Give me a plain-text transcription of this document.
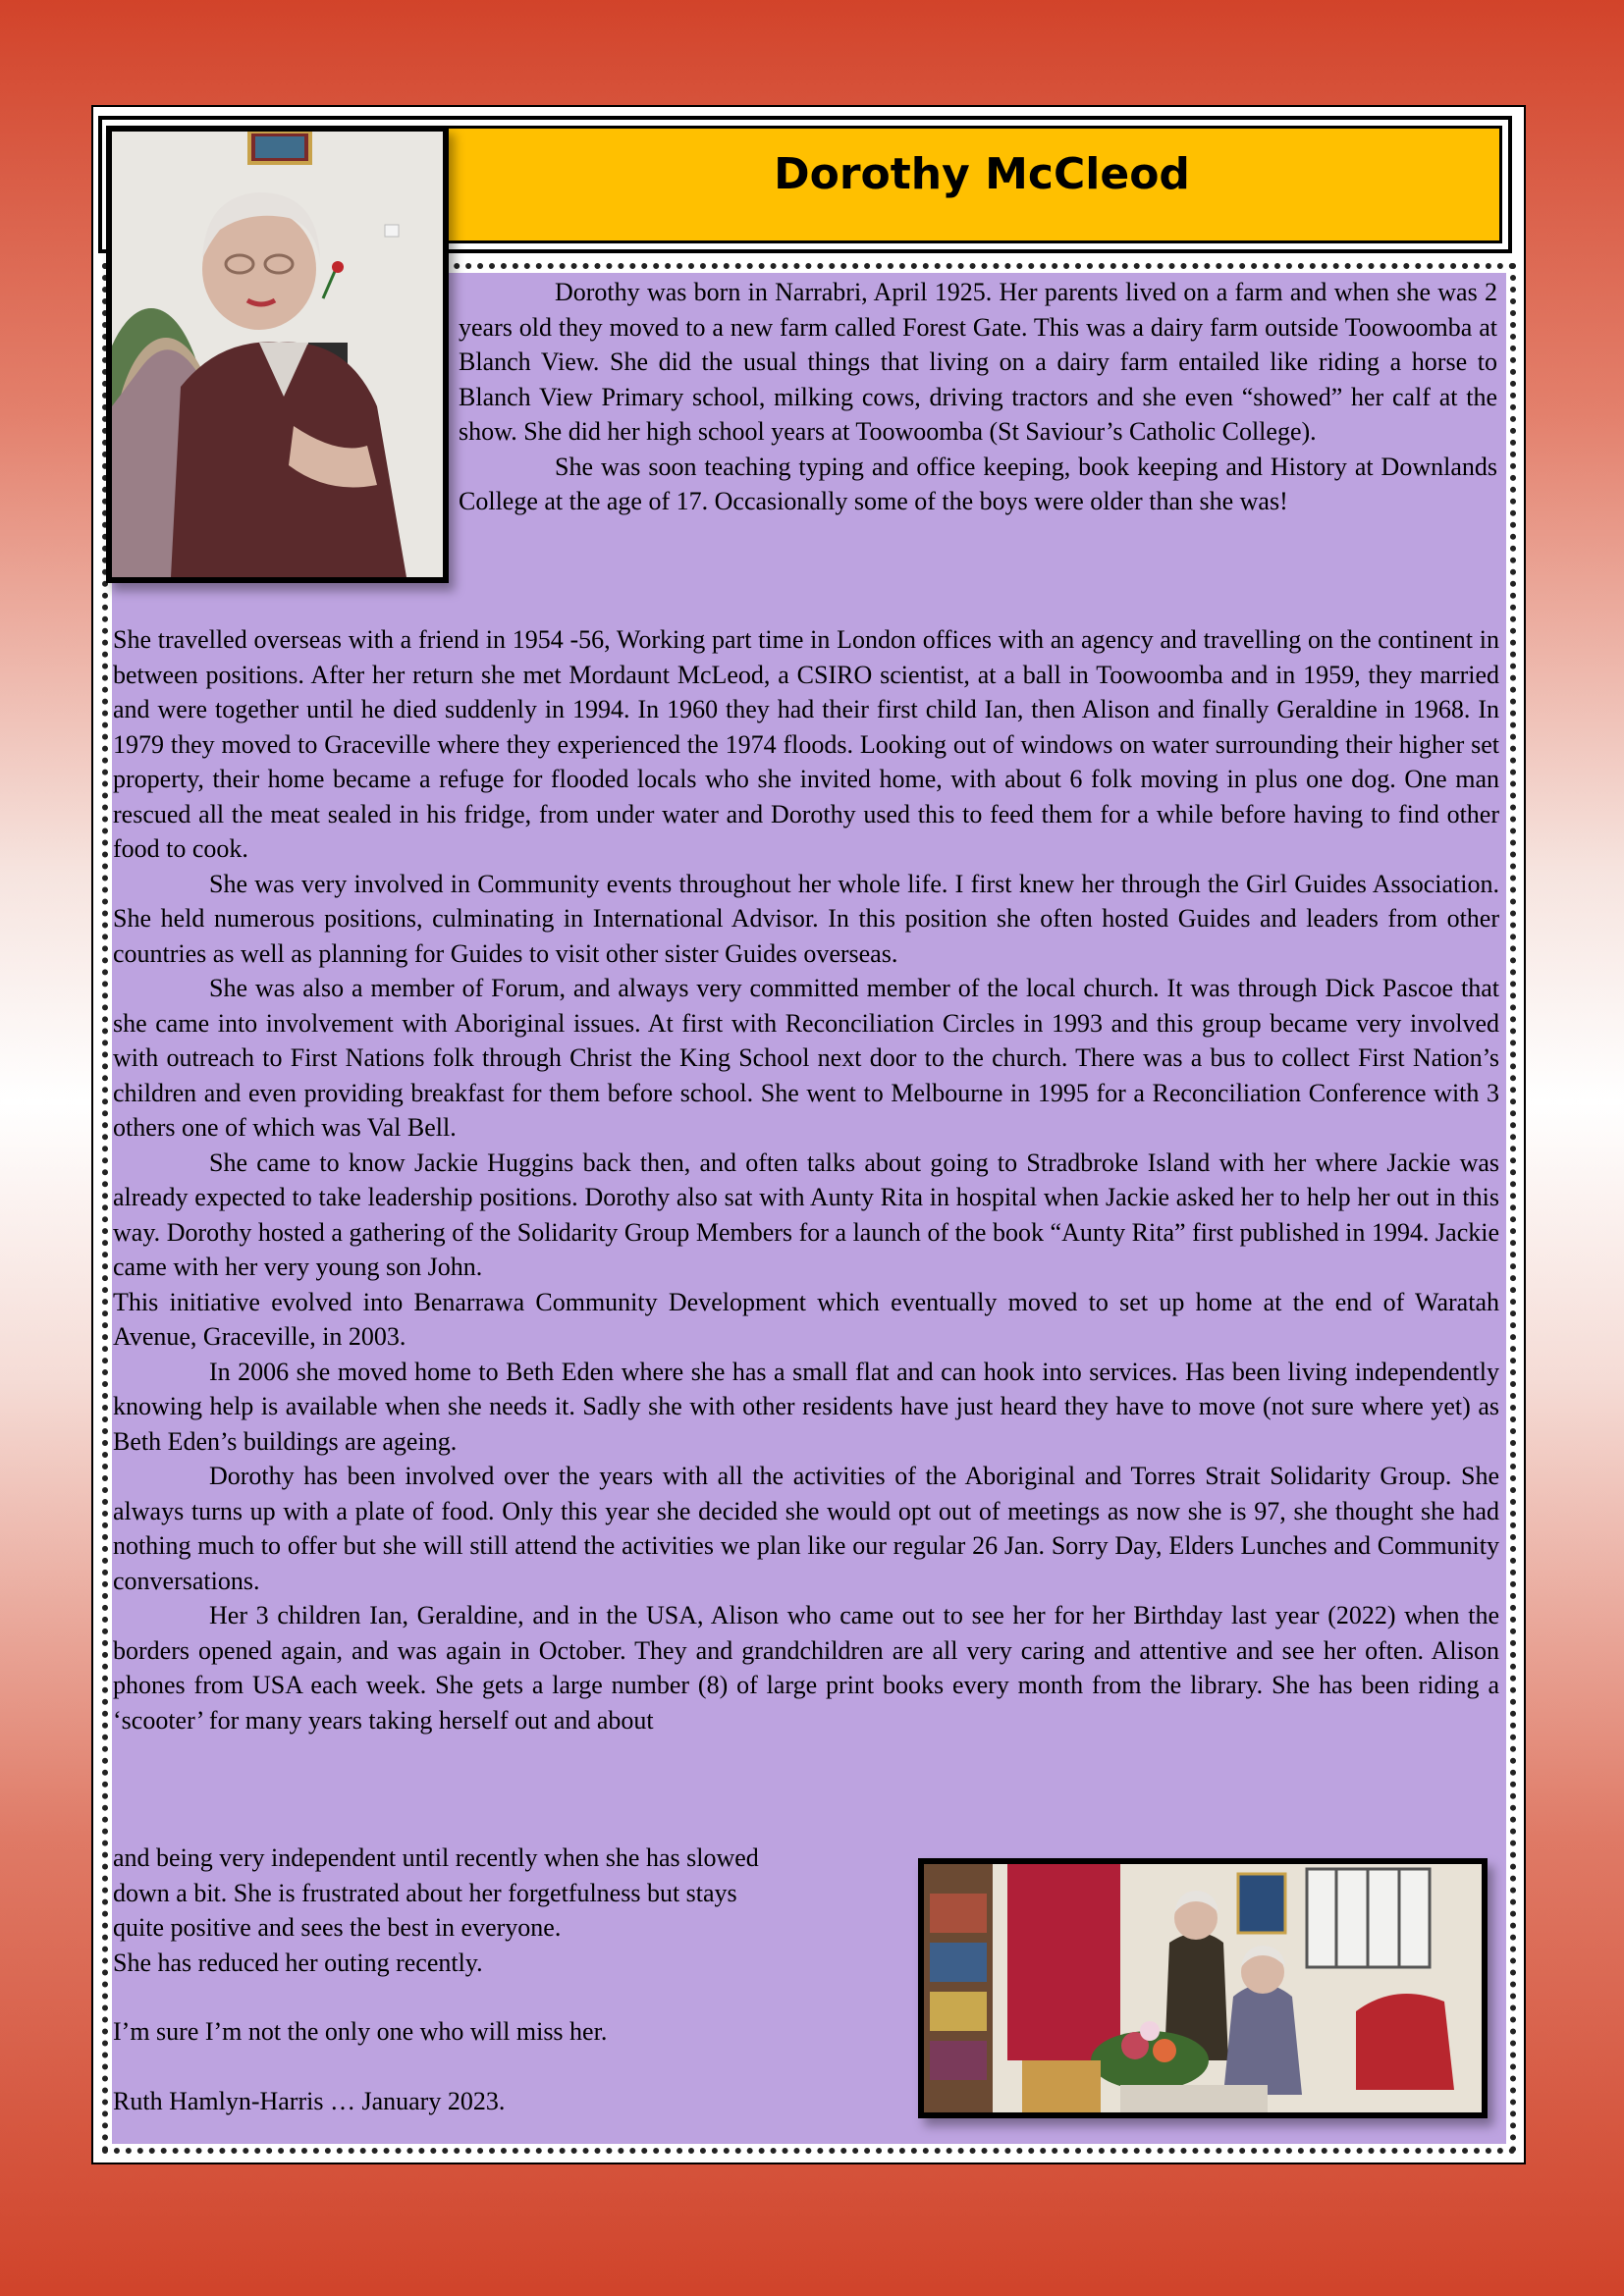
Dorothy McCleod

Dorothy was born in Narrabri, April 1925. Her parents lived on a farm and when she was 2 years old they moved to a new farm called Forest Gate. This was a dairy farm outside Toowoomba at Blanch View. She did the usual things that living on a dairy farm entailed like riding a horse to Blanch View Primary school, milking cows, driving tractors and she even “showed” her calf at the show. She did her high school years at Toowoomba (St Saviour’s Catholic College).

She was soon teaching typing and office keeping, book keeping and History at Downlands College at the age of 17. Occasionally some of the boys were older than she was!

She travelled overseas with a friend in 1954 -56, Working part time in London offices with an agency and travelling on the continent in between positions. After her return she met Mordaunt McLeod, a CSIRO scientist, at a ball in Toowoomba and in 1959, they married and were together until he died suddenly in 1994. In 1960 they had their first child Ian, then Alison and finally Geraldine in 1968. In 1979 they moved to Graceville where they experienced the 1974 floods. Looking out of windows on water surrounding their higher set property, their home became a refuge for flooded locals who she invited home, with about 6 folk moving in plus one dog. One man rescued all the meat sealed in his fridge, from under water and Dorothy used this to feed them for a while before having to find other food to cook.

She was very involved in Community events throughout her whole life. I first knew her through the Girl Guides Association. She held numerous positions, culminating in International Advisor. In this position she often hosted Guides and leaders from other countries as well as planning for Guides to visit other sister Guides overseas.

She was also a member of Forum, and always very committed member of the local church. It was through Dick Pascoe that she came into involvement with Aboriginal issues. At first with Reconciliation Circles in 1993 and this group became very involved with outreach to First Nations folk through Christ the King School next door to the church. There was a bus to collect First Nation’s children and even providing breakfast for them before school. She went to Melbourne in 1995 for a Reconciliation Conference with 3 others one of which was Val Bell.

She came to know Jackie Huggins back then, and often talks about going to Stradbroke Island with her where Jackie was already expected to take leadership positions. Dorothy also sat with Aunty Rita in hospital when Jackie asked her to help her out in this way. Dorothy hosted a gathering of the Solidarity Group Members for a launch of the book “Aunty Rita” first published in 1994. Jackie came with her very young son John.

This initiative evolved into Benarrawa Community Development which eventually moved to set up home at the end of Waratah Avenue, Graceville, in 2003.

In 2006 she moved home to Beth Eden where she has a small flat and can hook into services. Has been living independently knowing help is available when she needs it. Sadly she with other residents have just heard they have to move (not sure where yet) as Beth Eden’s buildings are ageing.

Dorothy has been involved over the years with all the activities of the Aboriginal and Torres Strait Solidarity Group. She always turns up with a plate of food. Only this year she decided she would opt out of meetings as now she is 97, she thought she had nothing much to offer but she will still attend the activities we plan like our regular 26 Jan. Sorry Day, Elders Lunches and Community conversations.

Her 3 children Ian, Geraldine, and in the USA, Alison who came out to see her for her Birthday last year (2022) when the borders opened again, and was again in October. They and grandchildren are all very caring and attentive and see her often. Alison phones from USA each week. She gets a large number (8) of large print books every month from the library. She has been riding a ‘scooter’ for many years taking herself out and about

and being very independent until recently when she has slowed

down a bit. She is frustrated about her forgetfulness but stays

quite positive and sees the best in everyone.

She has reduced her outing recently.

I’m sure I’m not the only one who will miss her.

Ruth Hamlyn-Harris … January 2023.
